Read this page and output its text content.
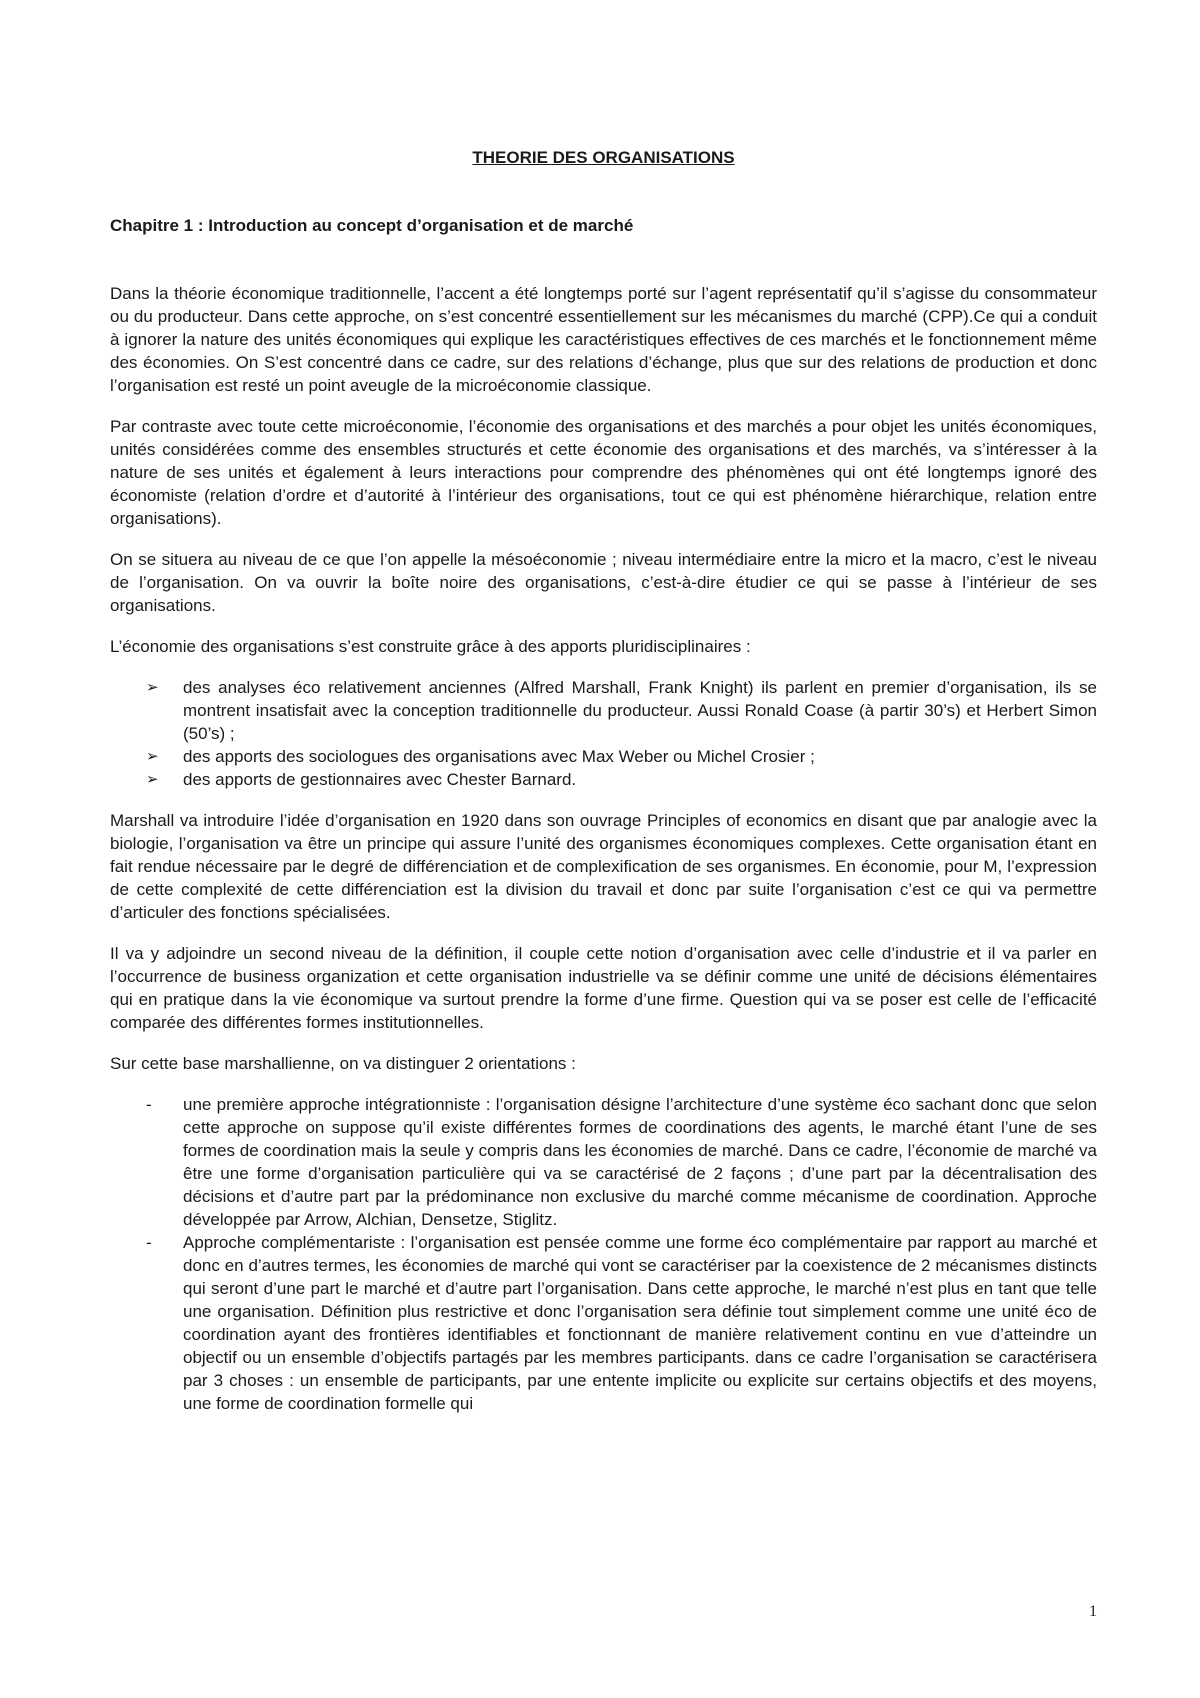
THEORIE DES ORGANISATIONS
Chapitre 1 : Introduction au concept d’organisation et de marché

Dans la théorie économique traditionnelle, l’accent a été longtemps porté sur l’agent représentatif qu’il s’agisse du consommateur ou du producteur. Dans cette approche, on s’est concentré essentiellement sur les mécanismes du marché (CPP).Ce qui a conduit à ignorer la nature des unités économiques qui explique les caractéristiques effectives de ces marchés et le fonctionnement même des économies. On S’est concentré dans ce cadre, sur des relations d’échange, plus que sur des relations de production et donc l’organisation est resté un point aveugle de la microéconomie classique.

Par contraste avec toute cette microéconomie, l’économie des organisations et des marchés a pour objet les unités économiques, unités considérées comme des ensembles structurés et cette économie des organisations et des marchés, va s’intéresser à la nature de ses unités et également à leurs interactions pour comprendre des phénomènes qui ont été longtemps ignoré des économiste (relation d’ordre et d’autorité à l’intérieur des organisations, tout ce qui est phénomène hiérarchique, relation entre organisations).

On se situera au niveau de ce que l’on appelle la mésoéconomie ; niveau intermédiaire entre la micro et la macro, c’est le niveau de l’organisation. On va ouvrir la boîte noire des organisations, c’est-à-dire étudier ce qui se passe à l’intérieur de ses organisations.

L’économie des organisations s’est construite grâce à des apports pluridisciplinaires :

➢	des analyses éco relativement anciennes (Alfred Marshall, Frank Knight) ils parlent en premier d’organisation, ils se montrent insatisfait avec la conception traditionnelle du producteur. Aussi Ronald Coase (à partir 30’s) et Herbert Simon (50’s) ;
➢	des apports des sociologues des organisations avec Max Weber ou Michel Crosier ;
➢	des apports de gestionnaires avec Chester Barnard.

Marshall va introduire l’idée d’organisation en 1920 dans son ouvrage Principles of economics en disant que par analogie avec la biologie, l’organisation va être un principe qui assure l’unité des organismes économiques complexes. Cette organisation étant en fait rendue nécessaire par le degré de différenciation et de complexification de ses organismes. En économie, pour M, l’expression de cette complexité de cette différenciation est la division du travail et donc par suite l’organisation c’est ce qui va permettre d’articuler des fonctions spécialisées.

Il va y adjoindre un second niveau de la définition, il couple cette notion d’organisation avec celle d’industrie et il va parler en l’occurrence de business organization et cette organisation industrielle va se définir comme une unité de décisions élémentaires qui en pratique dans la vie économique va surtout prendre la forme d’une firme. Question qui va se poser est celle de l’efficacité comparée des différentes formes institutionnelles.

Sur cette base marshallienne, on va distinguer 2 orientations :

-	une première approche intégrationniste : l’organisation désigne l’architecture d’une système éco sachant donc que selon cette approche on suppose qu’il existe différentes formes de coordinations des agents, le marché étant l’une de ses formes de coordination mais la seule y compris dans les économies de marché. Dans ce cadre, l’économie de marché va être une forme d’organisation particulière qui va se caractérisé de 2 façons ; d’une part par la décentralisation des décisions et d’autre part par la prédominance non exclusive du marché comme mécanisme de coordination. Approche développée par Arrow, Alchian, Densetze, Stiglitz.
-	Approche complémentariste : l’organisation est pensée comme une forme éco complémentaire par rapport au marché et donc en d’autres termes, les économies de marché qui vont se caractériser par la coexistence de 2 mécanismes distincts qui seront d’une part le marché et d’autre part l’organisation. Dans cette approche, le marché n’est plus en tant que telle une organisation. Définition plus restrictive et donc l’organisation sera définie tout simplement comme une unité éco de coordination ayant des frontières identifiables et fonctionnant de manière relativement continu en vue d’atteindre un objectif ou un ensemble d’objectifs partagés par les membres participants. dans ce cadre l’organisation se caractérisera par 3 choses : un ensemble de participants, par une entente implicite ou explicite sur certains objectifs et des moyens, une forme de coordination formelle qui
1
